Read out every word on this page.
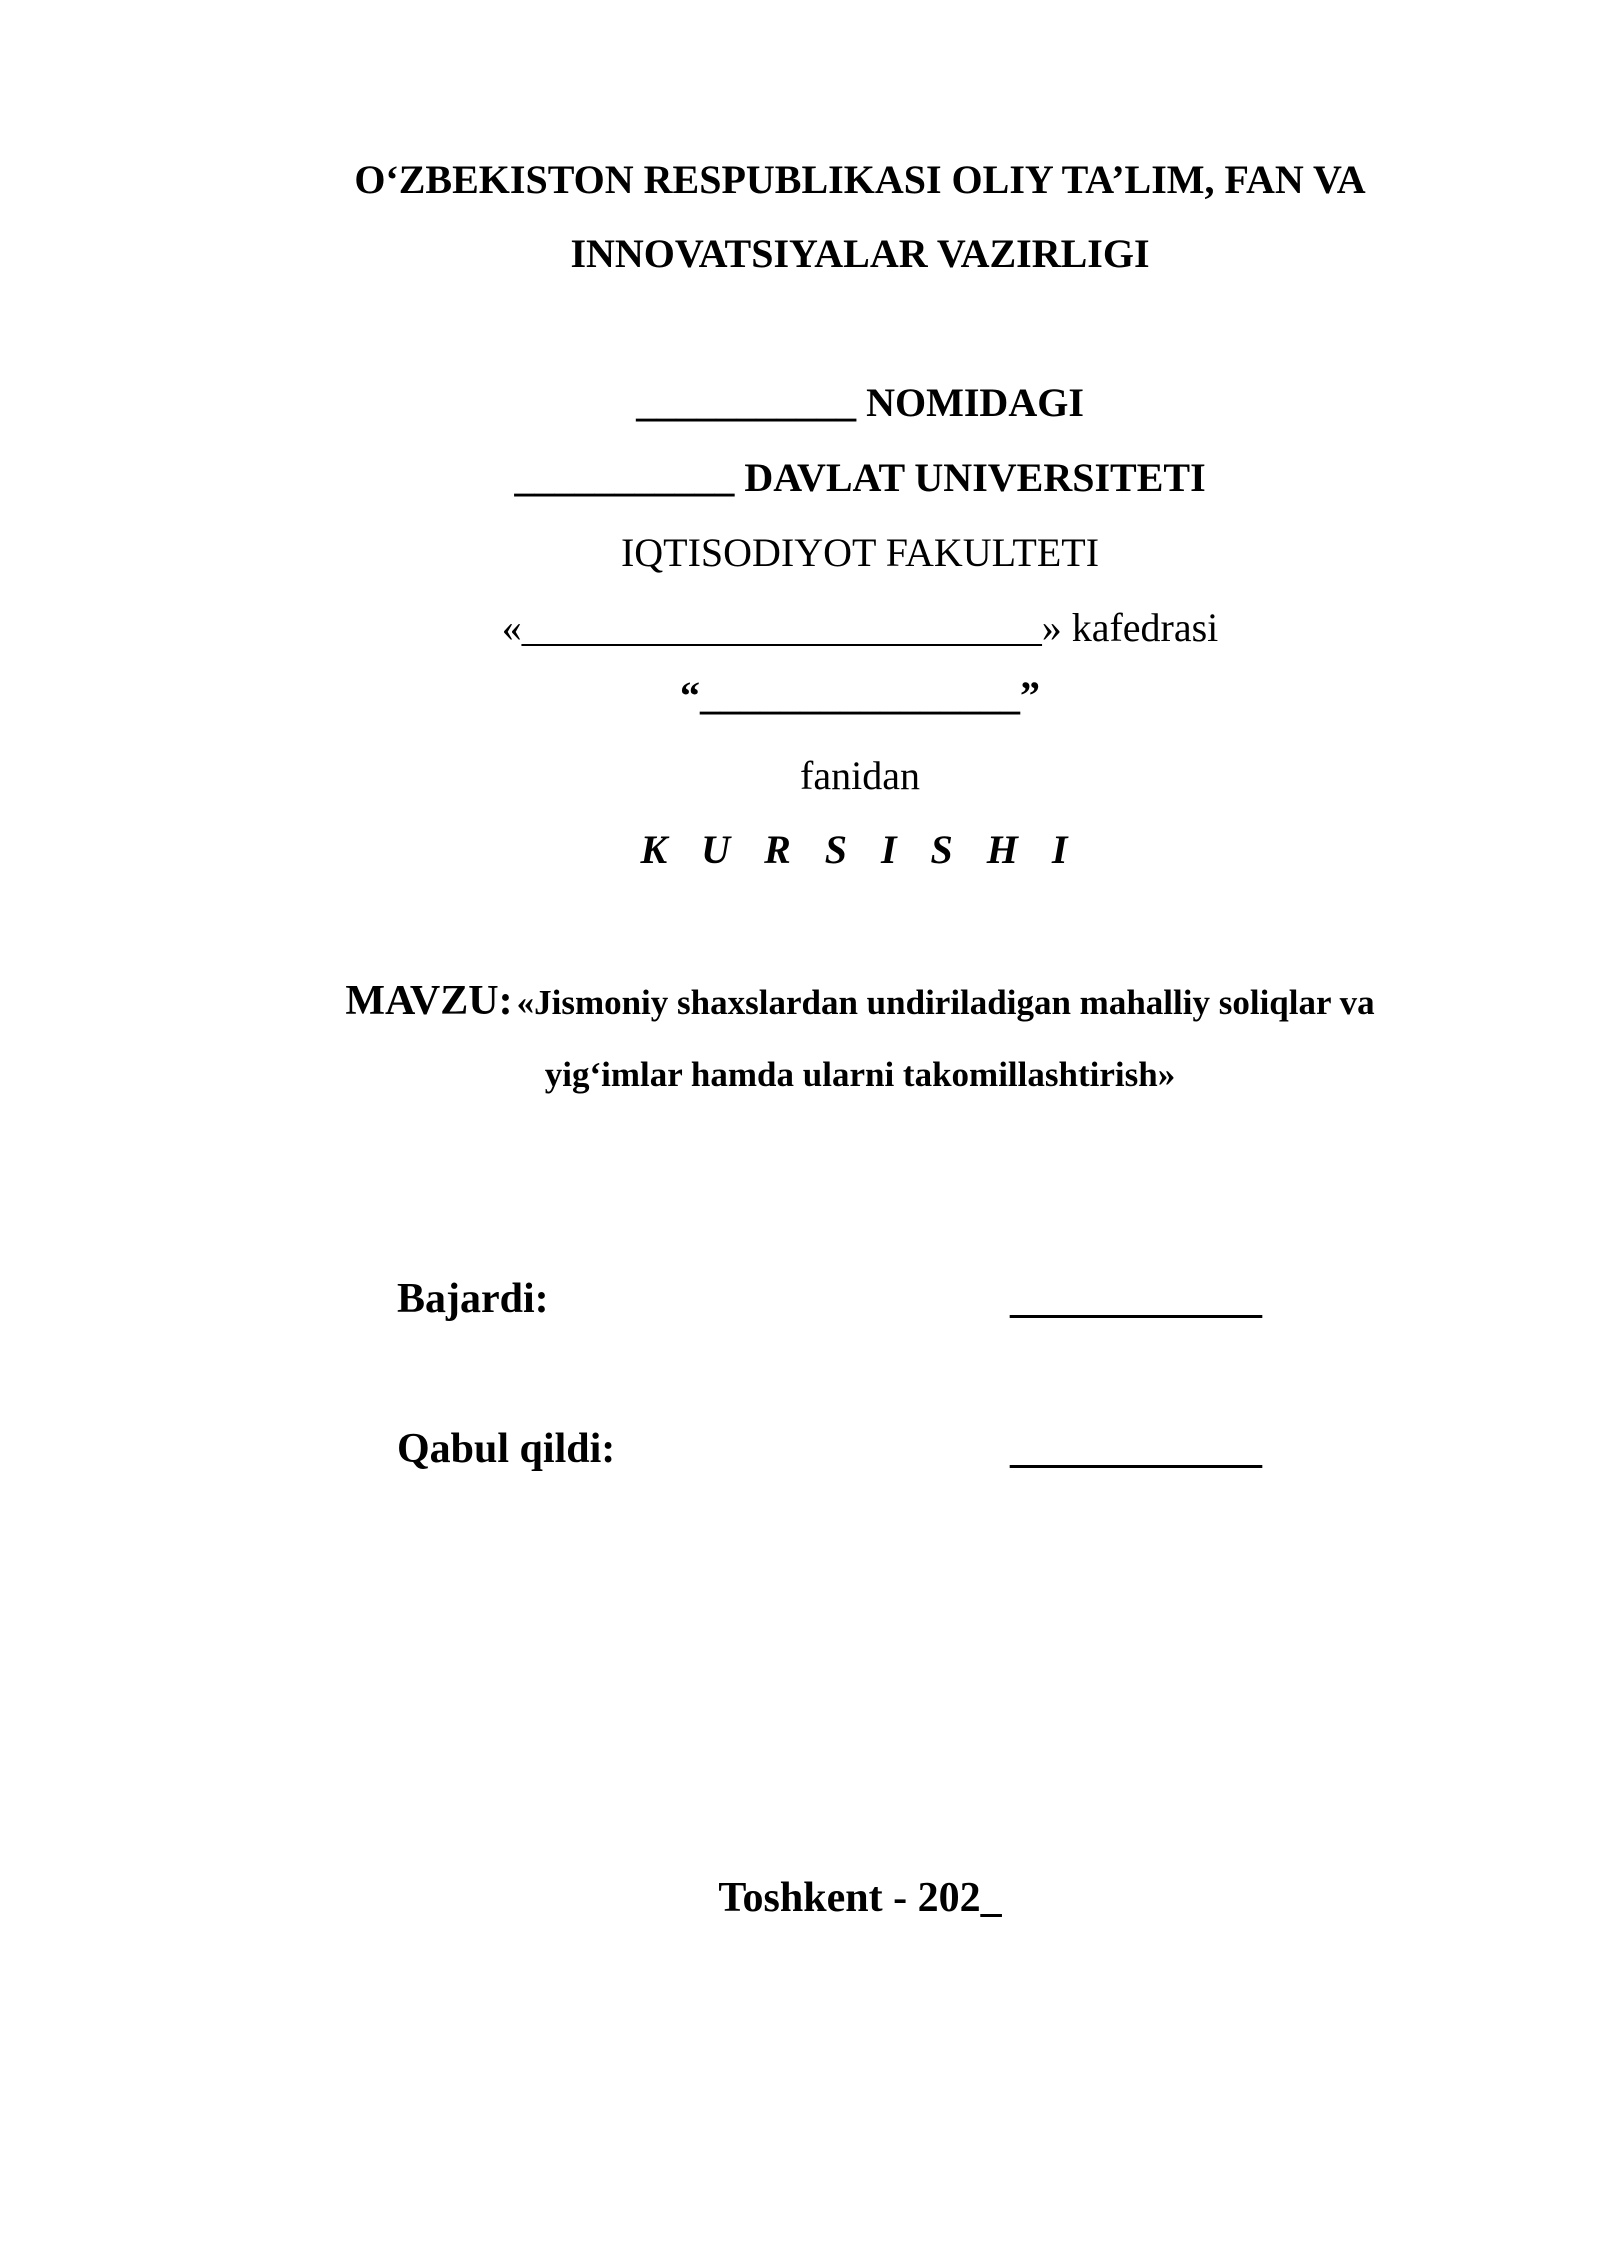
O‘ZBEKISTON RESPUBLIKASI OLIY TA’LIM, FAN VA
INNOVATSIYALAR VAZIRLIGI
___________ NOMIDAGI
___________ DAVLAT UNIVERSITETI
IQTISODIYOT FAKULTETI
«__________________________» kafedrasi
“________________”
fanidan
K U R S I S H I
MAVZU: «Jismoniy shaxslardan undiriladigan mahalliy soliqlar va
yig‘imlar hamda ularni takomillashtirish»
Bajardi:	____________
Qabul qildi:	____________
Toshkent - 202_
